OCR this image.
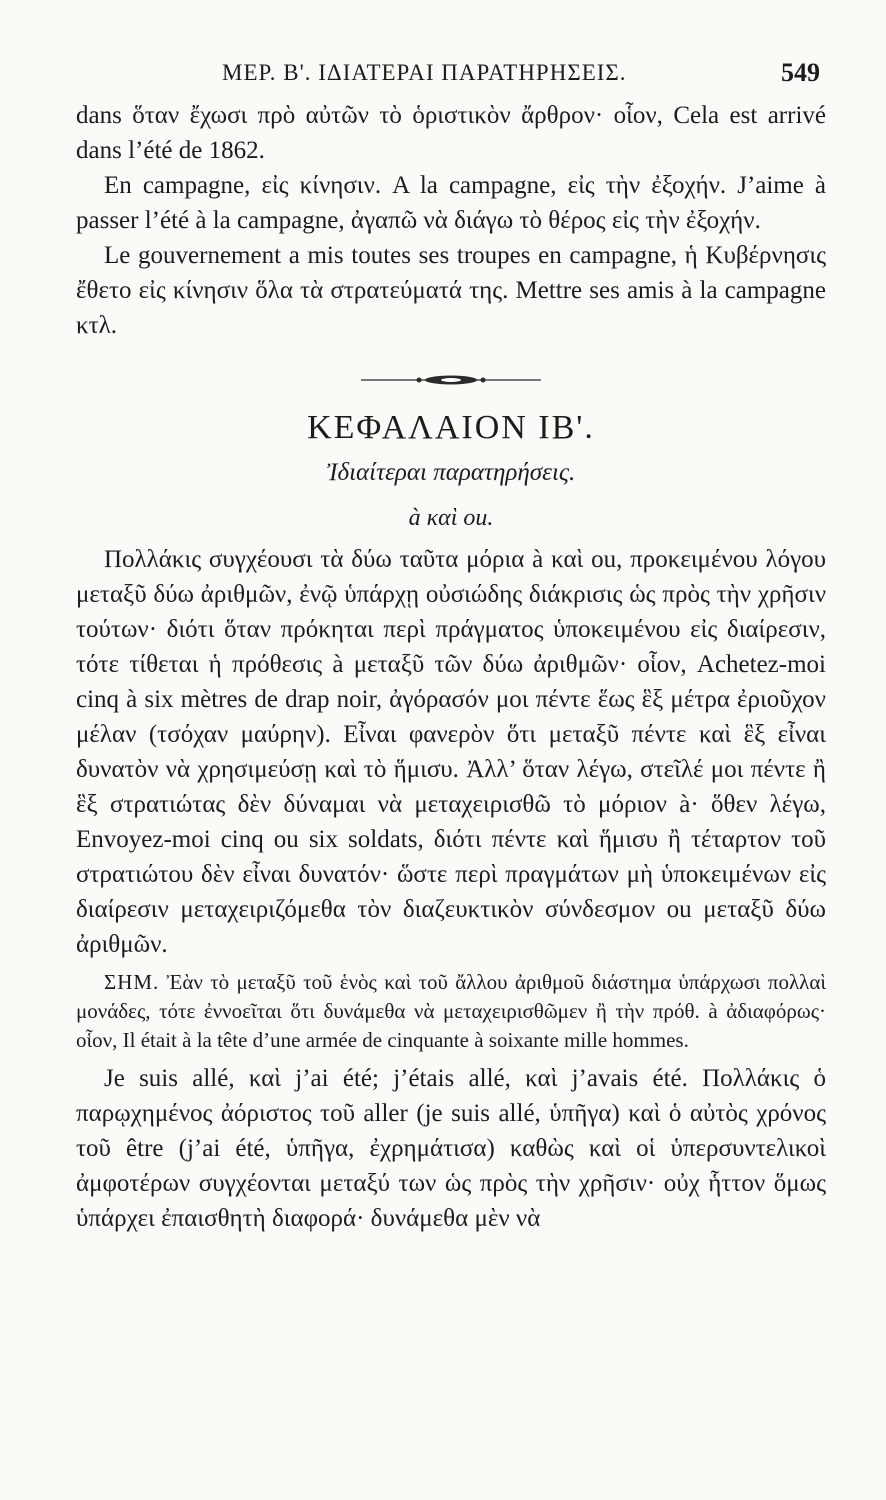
ΜΕΡ. Β'. ΙΔΙΑΤΕΡΑΙ ΠΑΡΑΤΗΡΗΣΕΙΣ.	549

dans ὅταν ἔχωσι πρὸ αὐτῶν τὸ ὁριστικὸν ἄρθρον· οἷον, Cela est arrivé dans l’été de 1862.

En campagne, εἰς κίνησιν. A la campagne, εἰς τὴν ἐξοχήν. J’aime à passer l’été à la campagne, ἀγαπῶ νὰ διάγω τὸ θέρος εἰς τὴν ἐξοχήν.

Le gouvernement a mis toutes ses troupes en campagne, ἡ Κυβέρνησις ἔθετο εἰς κίνησιν ὅλα τὰ στρατεύματά της. Mettre ses amis à la campagne κτλ.

ΚΕΦΑΛΑΙΟΝ ΙΒ'.
Ἰδιαίτεραι παρατηρήσεις.
à καὶ ou.

Πολλάκις συγχέουσι τὰ δύω ταῦτα μόρια à καὶ ou, προκειμένου λόγου μεταξῦ δύω ἀριθμῶν, ἐνῷ ὑπάρχῃ οὐσιώδης διάκρισις ὡς πρὸς τὴν χρῆσιν τούτων· διότι ὅταν πρόκηται περὶ πράγματος ὑποκειμένου εἰς διαίρεσιν, τότε τίθεται ἡ πρόθεσις à μεταξῦ τῶν δύω ἀριθμῶν· οἷον, Achetez-moi cinq à six mètres de drap noir, ἀγόρασόν μοι πέντε ἕως ἓξ μέτρα ἐριοῦχον μέλαν (τσόχαν μαύρην). Εἶναι φανερὸν ὅτι μεταξῦ πέντε καὶ ἓξ εἶναι δυνατὸν νὰ χρησιμεύσῃ καὶ τὸ ἥμισυ. Ἀλλ’ ὅταν λέγω, στεῖλέ μοι πέντε ἢ ἓξ στρατιώτας δὲν δύναμαι νὰ μεταχειρισθῶ τὸ μόριον à· ὅθεν λέγω, Envoyez-moi cinq ou six soldats, διότι πέντε καὶ ἥμισυ ἢ τέταρτον τοῦ στρατιώτου δὲν εἶναι δυνατόν· ὥστε περὶ πραγμάτων μὴ ὑποκειμένων εἰς διαίρεσιν μεταχειριζόμεθα τὸν διαζευκτικὸν σύνδεσμον ou μεταξῦ δύω ἀριθμῶν.

ΣΗΜ. Ἐὰν τὸ μεταξῦ τοῦ ἑνὸς καὶ τοῦ ἄλλου ἀριθμοῦ διάστημα ὑπάρχωσι πολλαὶ μονάδες, τότε ἐννοεῖται ὅτι δυνάμεθα νὰ μεταχειρισθῶμεν ἢ τὴν πρόθ. à ἀδιαφόρως· οἷον, Il était à la tête d’une armée de cinquante à soixante mille hommes.

Je suis allé, καὶ j’ai été; j’étais allé, καὶ j’avais été. Πολλάκις ὁ παρῳχημένος ἀόριστος τοῦ aller (je suis allé, ὑπῆγα) καὶ ὁ αὐτὸς χρόνος τοῦ être (j’ai été, ὑπῆγα, ἐχρημάτισα) καθὼς καὶ οἱ ὑπερσυντελικοὶ ἀμφοτέρων συγχέονται μεταξύ των ὡς πρὸς τὴν χρῆσιν· οὐχ ἧττον ὅμως ὑπάρχει ἐπαισθητὴ διαφορά· δυνάμεθα μὲν νὰ
